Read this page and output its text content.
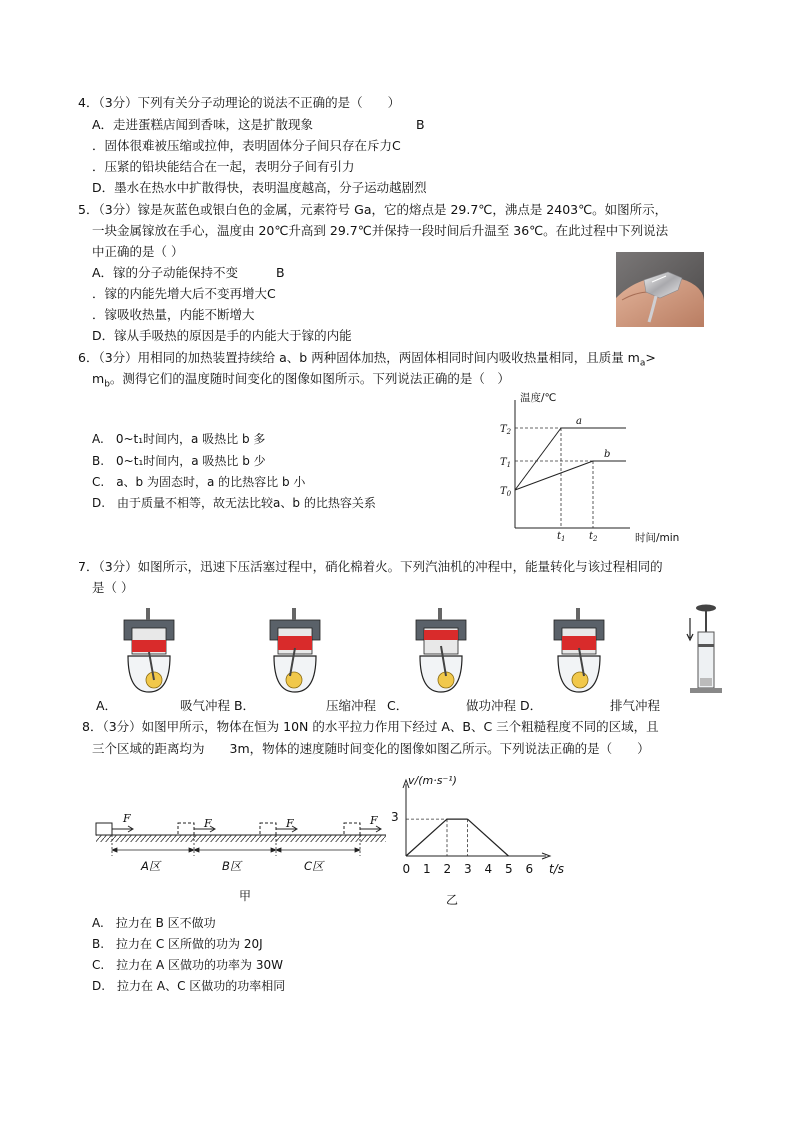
4．（3分）下列有关分子动理论的说法不正确的是（　　）
A．走进蛋糕店闻到香味，这是扩散现象	B
．固体很难被压缩或拉伸，表明固体分子间只存在斥力C
．压紧的铅块能结合在一起，表明分子间有引力
D．墨水在热水中扩散得快，表明温度越高，分子运动越剧烈
5．（3分）镓是灰蓝色或银白色的金属，元素符号 Ga，它的熔点是 29.7℃，沸点是 2403℃。如图所示，
一块金属镓放在手心，温度由 20℃升高到 29.7℃并保持一段时间后升温至 36℃。在此过程中下列说法
中正确的是（ ）
A．镓的分子动能保持不变	B
．镓的内能先增大后不变再增大C
．镓吸收热量，内能不断增大
D．镓从手吸热的原因是手的内能大于镓的内能
6．（3分）用相同的加热装置持续给 a、b 两种固体加热，两固体相同时间内吸收热量相同，且质量 $m_a>$
$m_b$。测得它们的温度随时间变化的图像如图所示。下列说法正确的是（　）
A.　0~t₁时间内，a 吸热比 b 多
B.　0~t₁时间内，a 吸热比 b 少
C.　a、b 为固态时，a 的比热容比 b 小
D.　由于质量不相等，故无法比较a、b 的比热容关系
温度/℃
时间/min
$T_2$
$T_1$
$T_0$
$t_1$ $t_2$
a
b
7．（3分）如图所示，迅速下压活塞过程中，硝化棉着火。下列汽油机的冲程中，能量转化与该过程相同的
是（ ）
A．	吸气冲程 B．	压缩冲程 C．	做功冲程 D．	排气冲程
8．（3分）如图甲所示，物体在恒为 10N 的水平拉力作用下经过 A、B、C 三个粗糙程度不同的区域，且
三个区域的距离均为　　3m，物体的速度随时间变化的图像如图乙所示。下列说法正确的是（　　）
F	F	F	F
A区	B区	C区
甲
0 1 2 3 4 5 6
v/(m·s⁻¹)
t/s
3
乙
A.　拉力在 B 区不做功
B.　拉力在 C 区所做的功为 20J
C.　拉力在 A 区做功的功率为 30W
D.　拉力在 A、C 区做功的功率相同
